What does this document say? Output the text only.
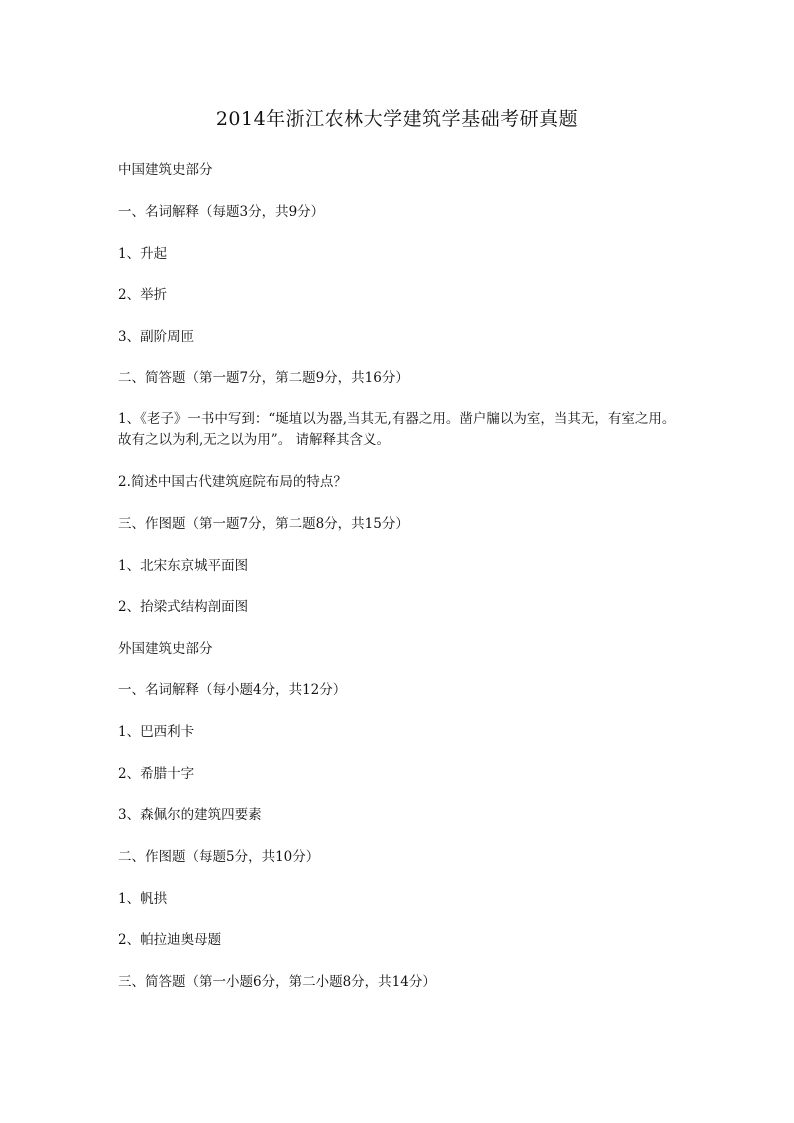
2014年浙江农林大学建筑学基础考研真题
中国建筑史部分
一、名词解释（每题3分，共9分）
1、升起
2、举折
3、副阶周匝
二、简答题（第一题7分，第二题9分，共16分）
1、《老子》一书中写到：“埏埴以为器,当其无,有器之用。凿户牖以为室，当其无，有室之用。故有之以为利,无之以为用”。 请解释其含义。
2.简述中国古代建筑庭院布局的特点？
三、作图题（第一题7分，第二题8分，共15分）
1、北宋东京城平面图
2、抬梁式结构剖面图
外国建筑史部分
一、名词解释（每小题4分，共12分）
1、巴西利卡
2、希腊十字
3、森佩尔的建筑四要素
二、作图题（每题5分，共10分）
1、帆拱
2、帕拉迪奥母题
三、简答题（第一小题6分，第二小题8分，共14分）
